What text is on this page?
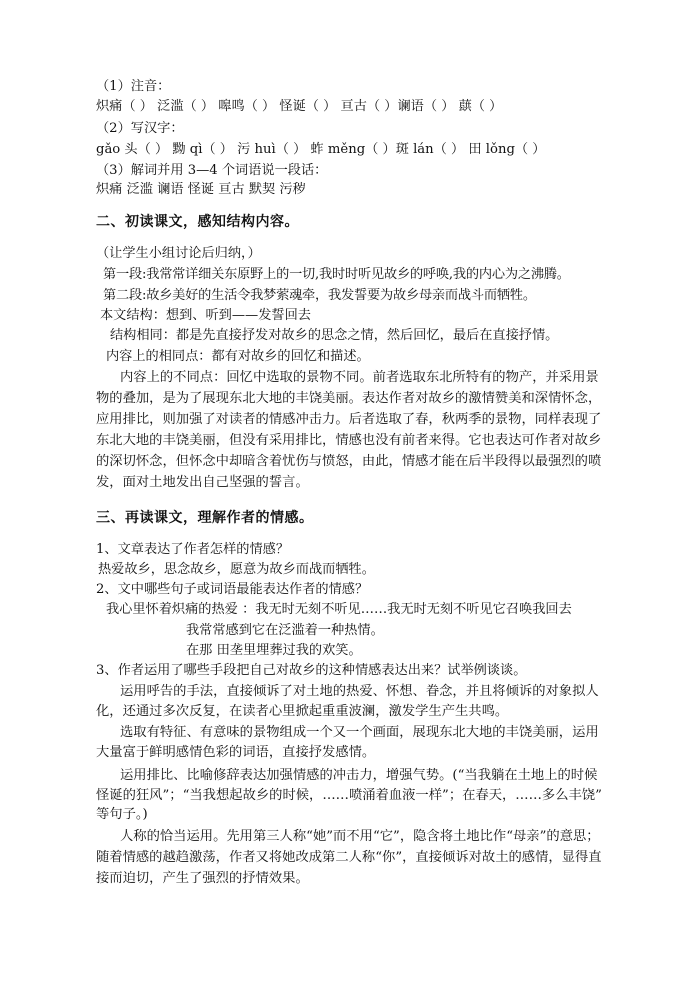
（1）注音：
炽痛（ ） 泛滥（ ） 嗥鸣（ ） 怪诞（ ） 亘古（ ）谰语（ ） 蕻（ ）
（2）写汉字：
gǎo 头（ ） 黝 qì（ ） 污 huì（ ） 蚱 měng（ ）斑 lán（ ） 田 lǒng（ ）
（3）解词并用 3—4 个词语说一段话：
炽痛 泛滥 谰语 怪诞 亘古 默契 污秽
二、初读课文，感知结构内容。
（让学生小组讨论后归纳，）
第一段:我常常详细关东原野上的一切,我时时听见故乡的呼唤,我的内心为之沸腾。
第二段:故乡美好的生活令我梦萦魂牵，我发誓要为故乡母亲而战斗而牺牲。
本文结构：想到、听到——发誓回去
结构相同：都是先直接抒发对故乡的思念之情，然后回忆，最后在直接抒情。
内容上的相同点：都有对故乡的回忆和描述。
内容上的不同点：回忆中选取的景物不同。前者选取东北所特有的物产，并采用景
物的叠加，是为了展现东北大地的丰饶美丽。表达作者对故乡的激情赞美和深情怀念，
应用排比，则加强了对读者的情感冲击力。后者选取了春，秋两季的景物，同样表现了
东北大地的丰饶美丽，但没有采用排比，情感也没有前者来得。它也表达可作者对故乡
的深切怀念，但怀念中却暗含着忧伤与愤怒，由此，情感才能在后半段得以最强烈的喷
发，面对土地发出自己坚强的誓言。
三、再读课文，理解作者的情感。
1、文章表达了作者怎样的情感？
热爱故乡，思念故乡，愿意为故乡而战而牺牲。
2、文中哪些句子或词语最能表达作者的情感？
我心里怀着炽痛的热爱 ：我无时无刻不听见……我无时无刻不听见它召唤我回去
我常常感到它在泛滥着一种热情。
在那 田垄里埋葬过我的欢笑。
3、作者运用了哪些手段把自己对故乡的这种情感表达出来？试举例谈谈。
运用呼告的手法，直接倾诉了对土地的热爱、怀想、眷念，并且将倾诉的对象拟人
化，还通过多次反复，在读者心里掀起重重波澜，激发学生产生共鸣。
选取有特征、有意味的景物组成一个又一个画面，展现东北大地的丰饶美丽，运用
大量富于鲜明感情色彩的词语，直接抒发感情。
运用排比、比喻修辞表达加强情感的冲击力，增强气势。(“当我躺在土地上的时候
怪诞的狂风”；“当我想起故乡的时候，……喷涌着血液一样”；在春天，……多么丰饶”
等句子。)
人称的恰当运用。先用第三人称“她”而不用“它”，隐含将土地比作“母亲”的意思；
随着情感的越趋激荡，作者又将她改成第二人称“你”，直接倾诉对故土的感情，显得直
接而迫切，产生了强烈的抒情效果。
